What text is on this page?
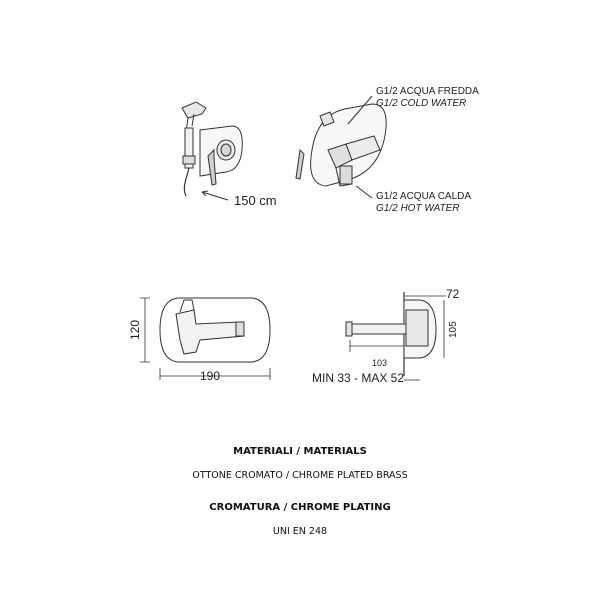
150 cm
G1/2 ACQUA FREDDA
G1/2 COLD WATER
G1/2 ACQUA CALDA
G1/2 HOT WATER
120
190
72
105
103
MIN 33 - MAX 52
MATERIALI / MATERIALS
OTTONE CROMATO / CHROME PLATED BRASS
CROMATURA / CHROME PLATING
UNI EN 248
